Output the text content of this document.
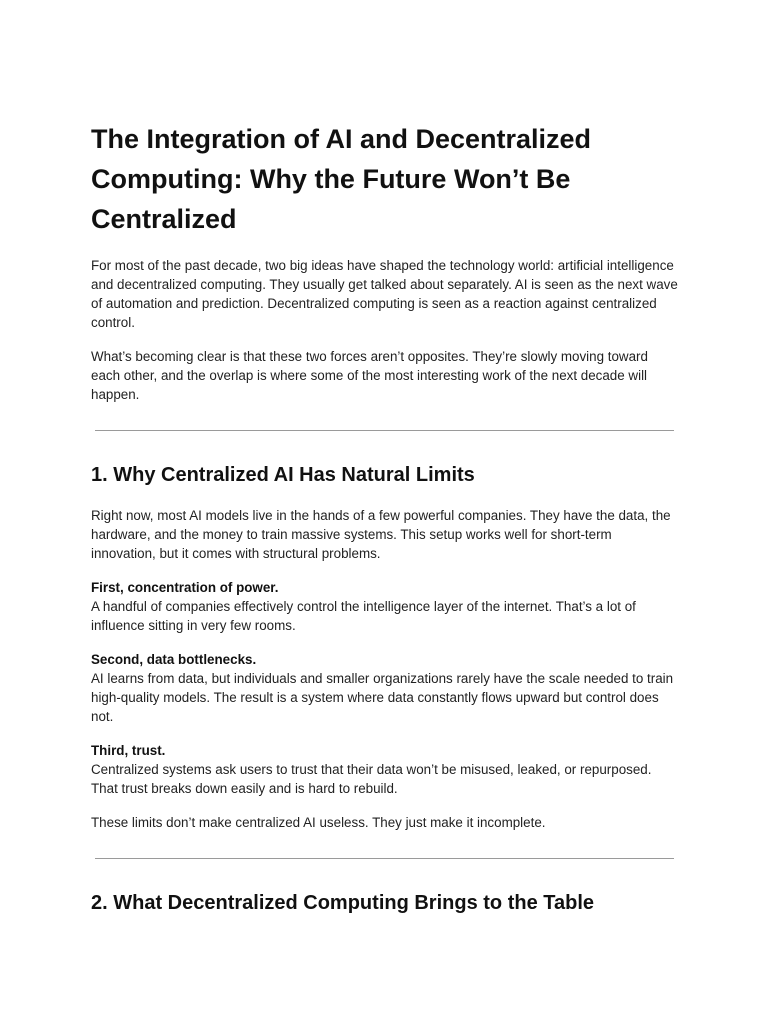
The Integration of AI and Decentralized Computing: Why the Future Won’t Be Centralized

For most of the past decade, two big ideas have shaped the technology world: artificial intelligence and decentralized computing. They usually get talked about separately. AI is seen as the next wave of automation and prediction. Decentralized computing is seen as a reaction against centralized control.

What’s becoming clear is that these two forces aren’t opposites. They’re slowly moving toward each other, and the overlap is where some of the most interesting work of the next decade will happen.

1. Why Centralized AI Has Natural Limits

Right now, most AI models live in the hands of a few powerful companies. They have the data, the hardware, and the money to train massive systems. This setup works well for short-term innovation, but it comes with structural problems.

First, concentration of power.
A handful of companies effectively control the intelligence layer of the internet. That’s a lot of influence sitting in very few rooms.

Second, data bottlenecks.
AI learns from data, but individuals and smaller organizations rarely have the scale needed to train high-quality models. The result is a system where data constantly flows upward but control does not.

Third, trust.
Centralized systems ask users to trust that their data won’t be misused, leaked, or repurposed. That trust breaks down easily and is hard to rebuild.

These limits don’t make centralized AI useless. They just make it incomplete.

2. What Decentralized Computing Brings to the Table
